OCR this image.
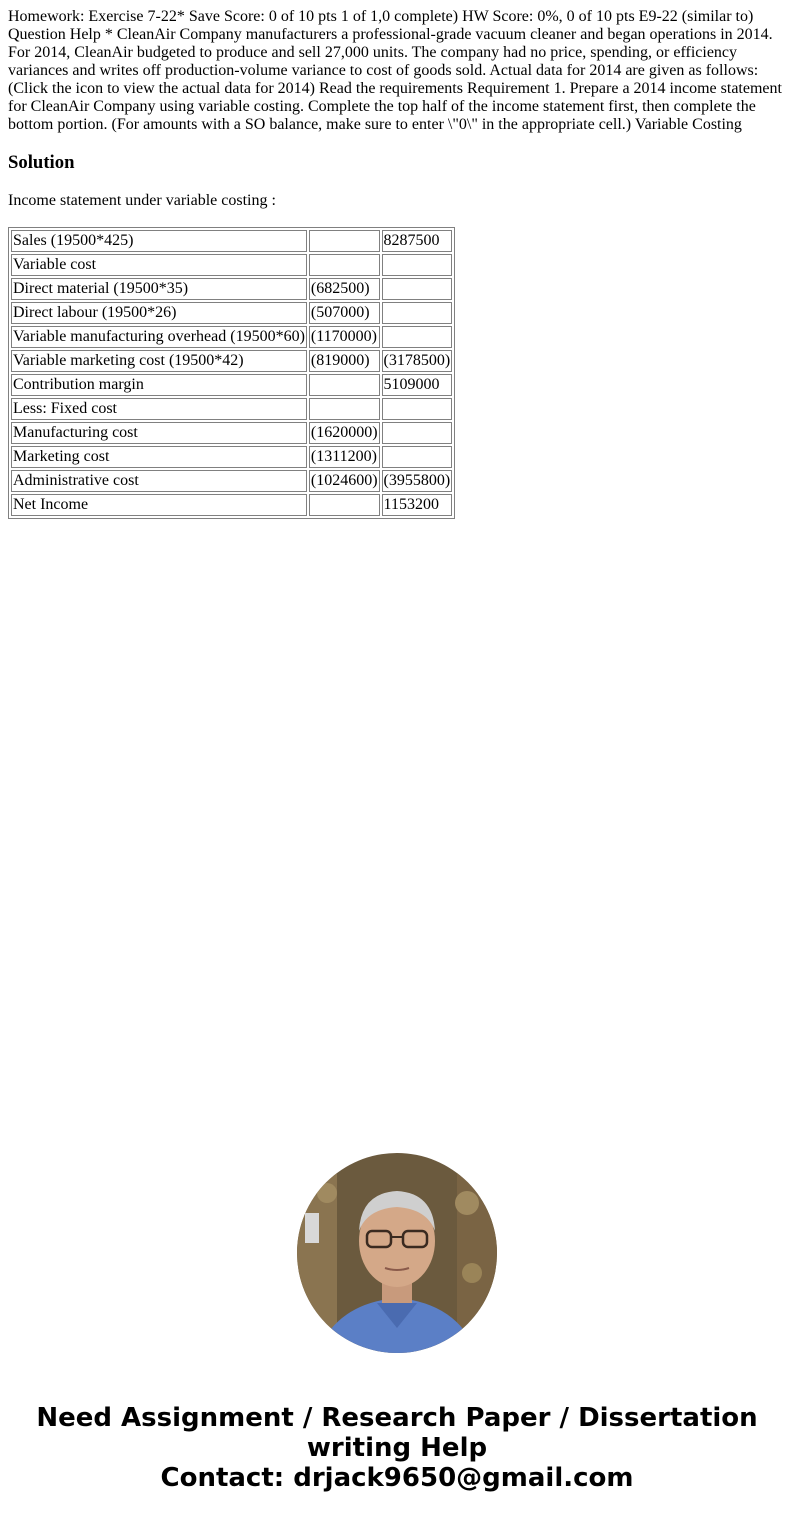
Homework: Exercise 7-22* Save Score: 0 of 10 pts 1 of 1,0 complete) HW Score: 0%, 0 of 10 pts E9-22 (similar to) Question Help * CleanAir Company manufacturers a professional-grade vacuum cleaner and began operations in 2014. For 2014, CleanAir budgeted to produce and sell 27,000 units. The company had no price, spending, or efficiency variances and writes off production-volume variance to cost of goods sold. Actual data for 2014 are given as follows: (Click the icon to view the actual data for 2014) Read the requirements Requirement 1. Prepare a 2014 income statement for CleanAir Company using variable costing. Complete the top half of the income statement first, then complete the bottom portion. (For amounts with a SO balance, make sure to enter \"0\" in the appropriate cell.) Variable Costing

Solution

Income statement under variable costing :

Sales (19500*425)		8287500
Variable cost		
Direct material (19500*35)	(682500)	
Direct labour (19500*26)	(507000)	
Variable manufacturing overhead (19500*60)	(1170000)	
Variable marketing cost (19500*42)	(819000)	(3178500)
Contribution margin		5109000
Less: Fixed cost		
Manufacturing cost	(1620000)	
Marketing cost	(1311200)	
Administrative cost	(1024600)	(3955800)
Net Income		1153200
Need Assignment / Research Paper / Dissertation
writing Help
Contact: drjack9650@gmail.com
